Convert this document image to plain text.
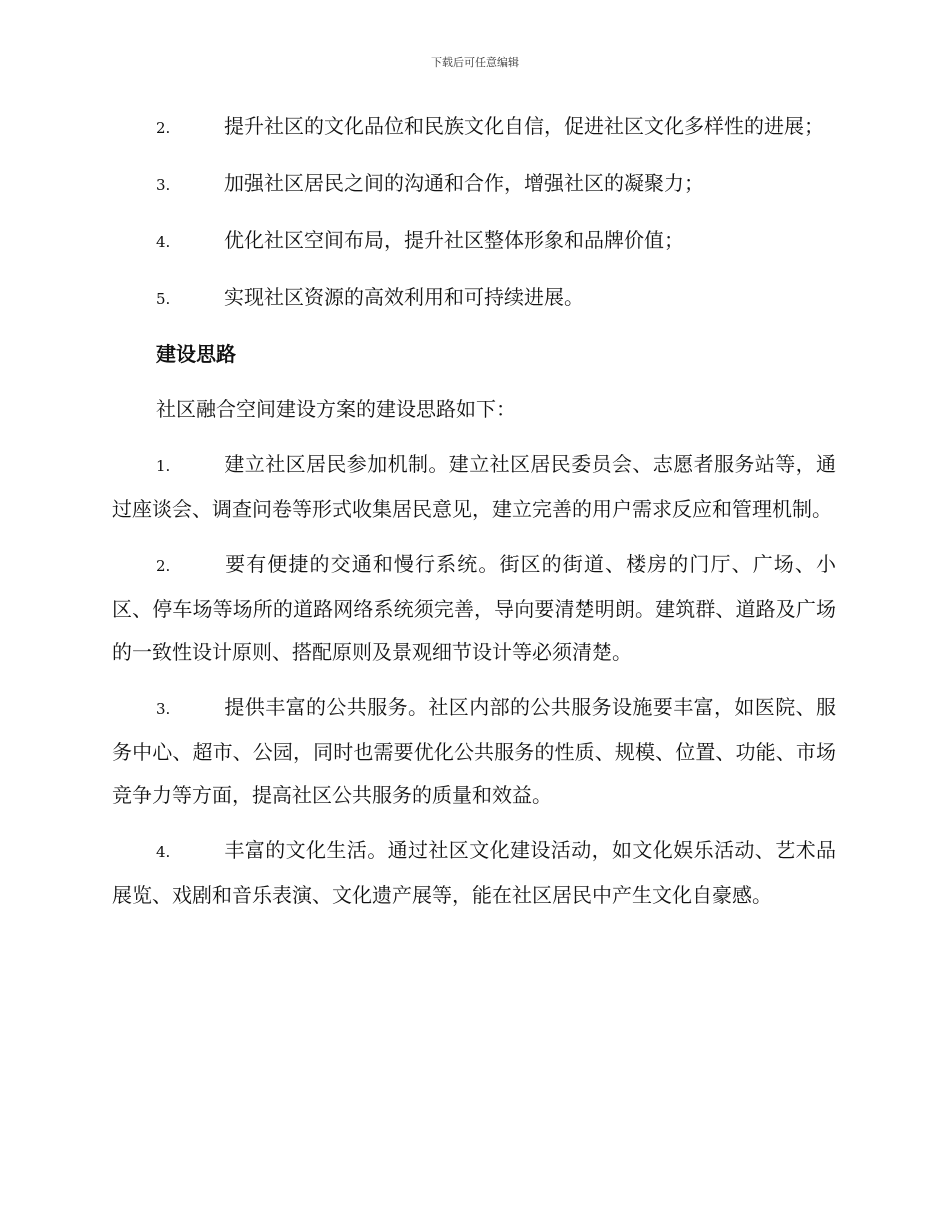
下载后可任意编辑

2.	提升社区的文化品位和民族文化自信，促进社区文化多样性的进展；

3.	加强社区居民之间的沟通和合作，增强社区的凝聚力；

4.	优化社区空间布局，提升社区整体形象和品牌价值；

5.	实现社区资源的高效利用和可持续进展。

建设思路

社区融合空间建设方案的建设思路如下：

1.	建立社区居民参加机制。建立社区居民委员会、志愿者服务站等，通过座谈会、调查问卷等形式收集居民意见，建立完善的用户需求反应和管理机制。

2.	要有便捷的交通和慢行系统。街区的街道、楼房的门厅、广场、小区、停车场等场所的道路网络系统须完善，导向要清楚明朗。建筑群、道路及广场的一致性设计原则、搭配原则及景观细节设计等必须清楚。

3.	提供丰富的公共服务。社区内部的公共服务设施要丰富，如医院、服务中心、超市、公园，同时也需要优化公共服务的性质、规模、位置、功能、市场竞争力等方面，提高社区公共服务的质量和效益。

4.	丰富的文化生活。通过社区文化建设活动，如文化娱乐活动、艺术品展览、戏剧和音乐表演、文化遗产展等，能在社区居民中产生文化自豪感。
